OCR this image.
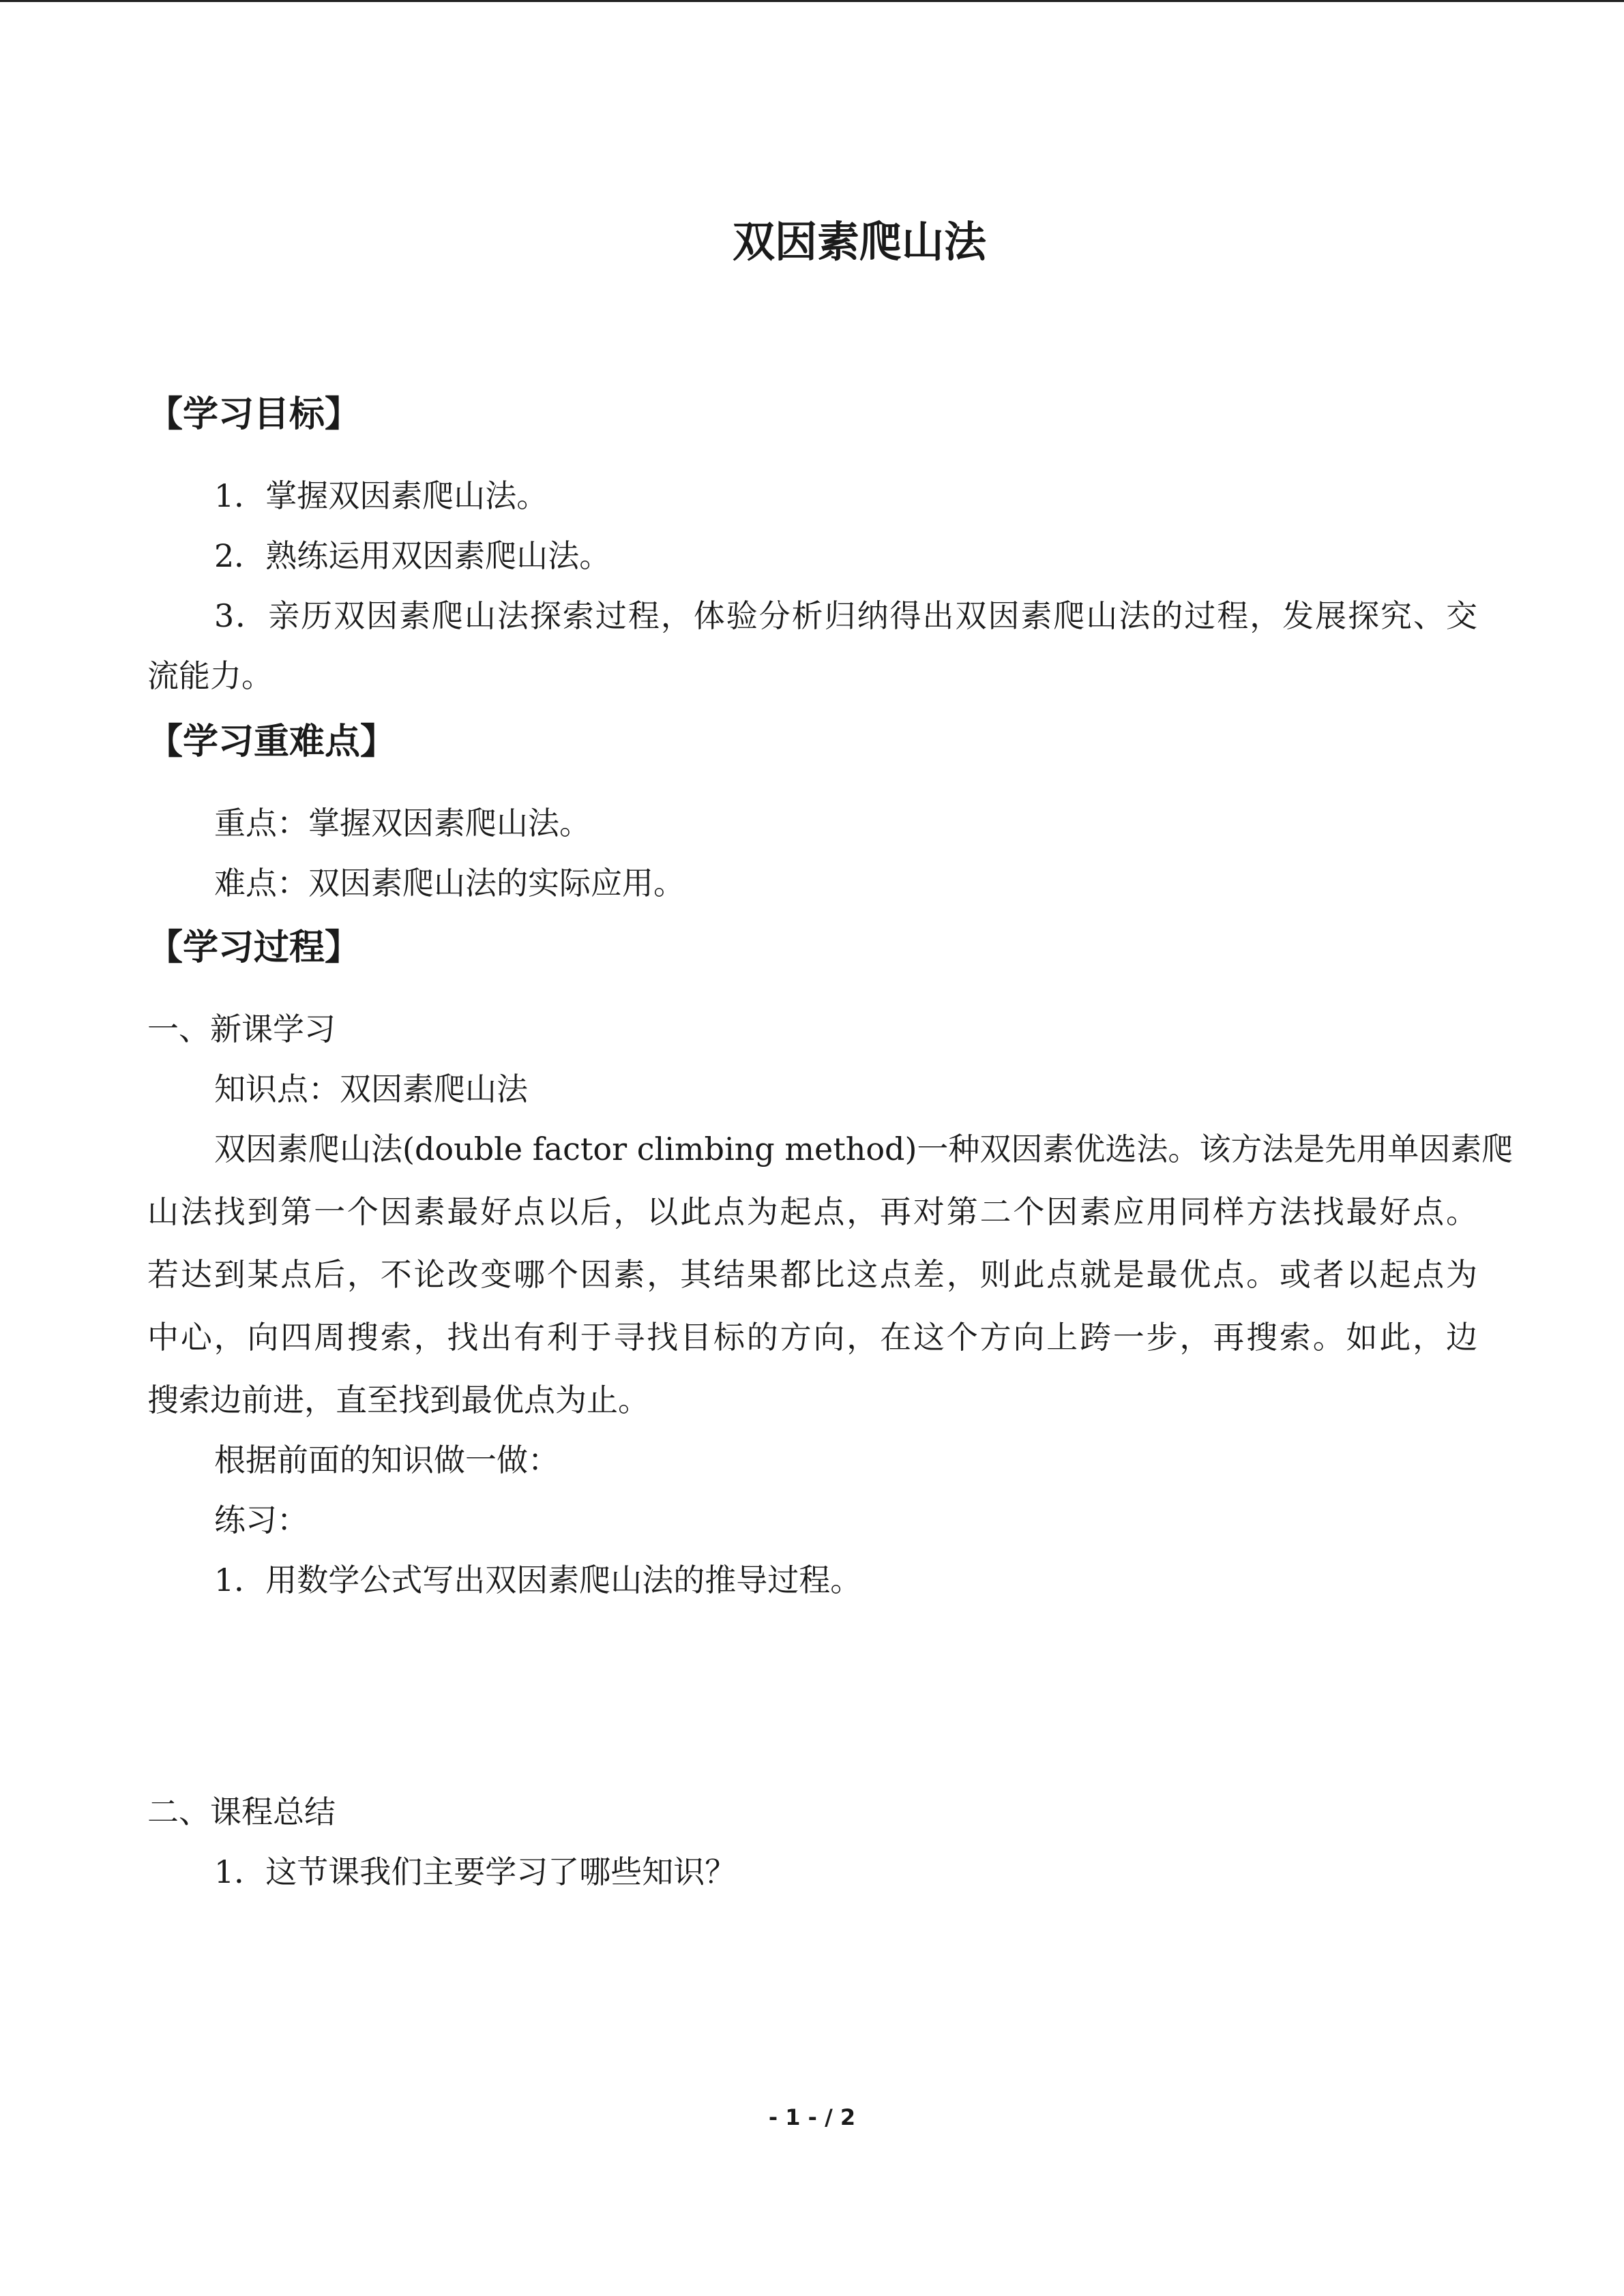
双因素爬山法
【学习目标】
1．掌握双因素爬山法。
2．熟练运用双因素爬山法。
3．亲历双因素爬山法探索过程，体验分析归纳得出双因素爬山法的过程，发展探究、交
流能力。
【学习重难点】
重点：掌握双因素爬山法。
难点：双因素爬山法的实际应用。
【学习过程】
一、新课学习
知识点：双因素爬山法
双因素爬山法(double factor climbing method)一种双因素优选法。该方法是先用单因素爬
山法找到第一个因素最好点以后，以此点为起点，再对第二个因素应用同样方法找最好点。
若达到某点后，不论改变哪个因素，其结果都比这点差，则此点就是最优点。或者以起点为
中心，向四周搜索，找出有利于寻找目标的方向，在这个方向上跨一步，再搜索。如此，边
搜索边前进，直至找到最优点为止。
根据前面的知识做一做：
练习：
1．用数学公式写出双因素爬山法的推导过程。
二、课程总结
1．这节课我们主要学习了哪些知识？
- 1 - / 2
